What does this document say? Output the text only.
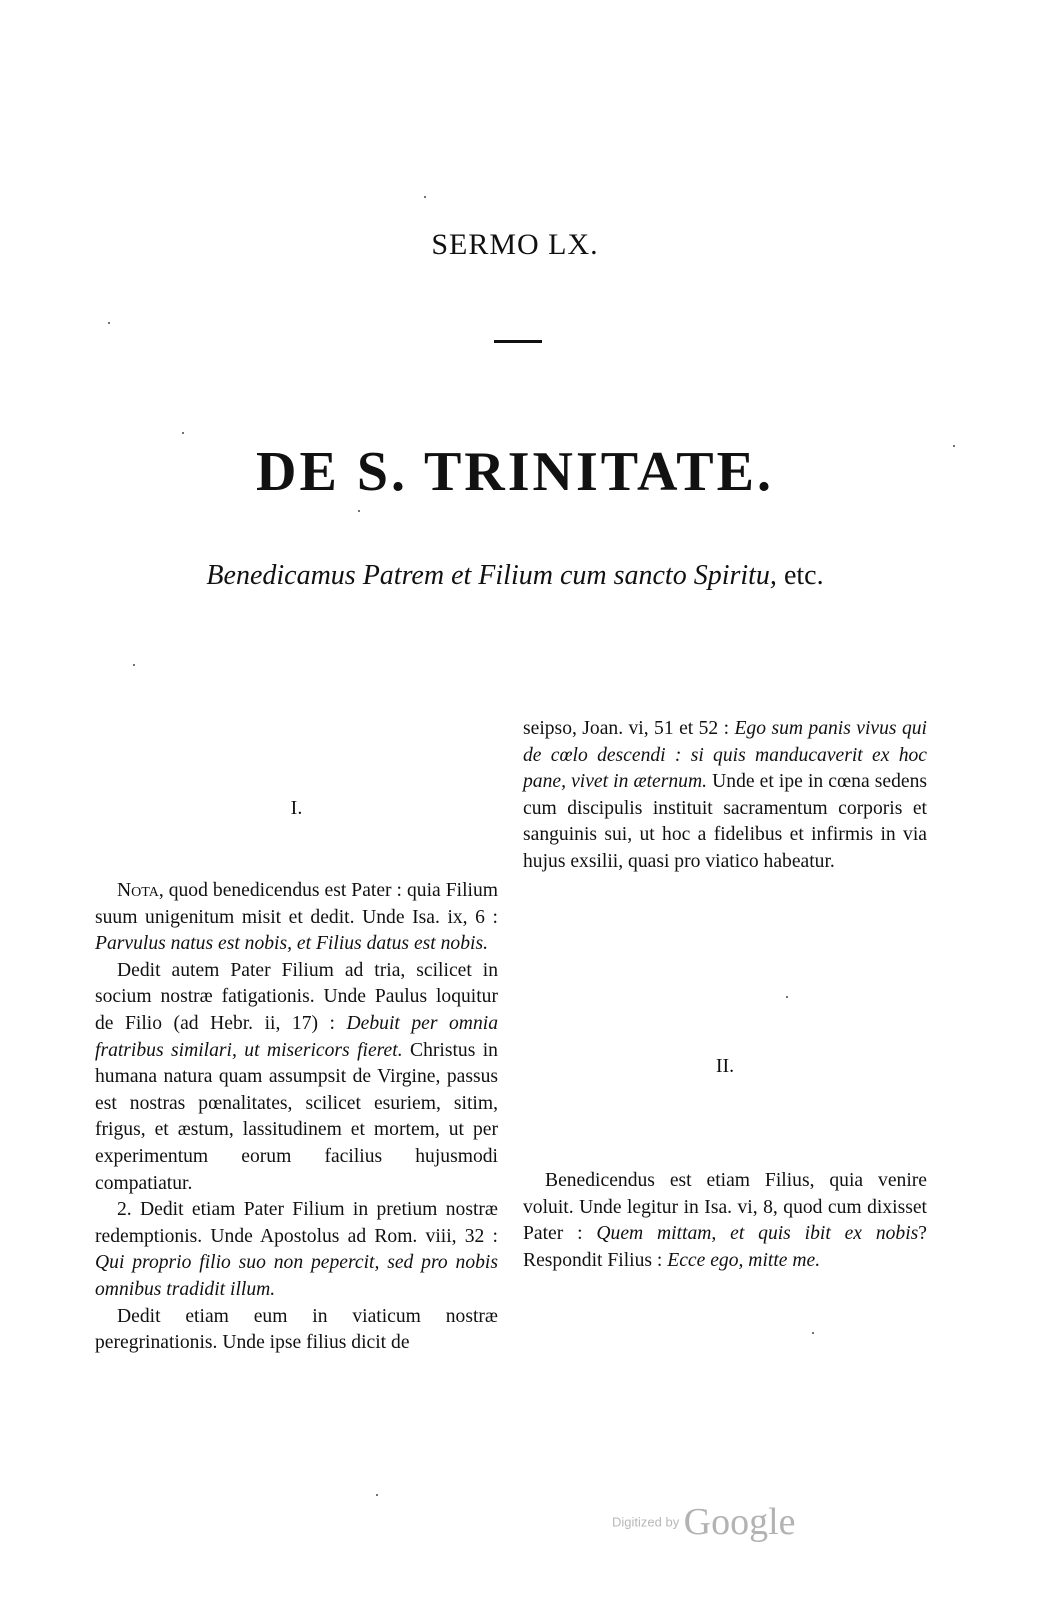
SERMO LX.
DE S. TRINITATE.
Benedicamus Patrem et Filium cum sancto Spiritu, etc.
I.

Nota, quod benedicendus est Pater : quia Filium suum unigenitum misit et dedit. Unde Isa. ix, 6 : Parvulus natus est nobis, et Filius datus est nobis.

Dedit autem Pater Filium ad tria, scilicet in socium nostræ fatigationis. Unde Paulus loquitur de Filio (ad Hebr. ii, 17) : Debuit per omnia fratribus similari, ut misericors fieret. Christus in humana natura quam assumpsit de Virgine, passus est nostras pœnalitates, scilicet esuriem, sitim, frigus, et æstum, lassitudinem et mortem, ut per experimentum eorum facilius hujusmodi compatiatur.

2. Dedit etiam Pater Filium in pretium nostræ redemptionis. Unde Apostolus ad Rom. viii, 32 : Qui proprio filio suo non pepercit, sed pro nobis omnibus tradidit illum.

Dedit etiam eum in viaticum nostræ peregrinationis. Unde ipse filius dicit de

seipso, Joan. vi, 51 et 52 : Ego sum panis vivus qui de cœlo descendi : si quis manducaverit ex hoc pane, vivet in æternum. Unde et ipe in cœna sedens cum discipulis instituit sacramentum corporis et sanguinis sui, ut hoc a fidelibus et infirmis in via hujus exsilii, quasi pro viatico habeatur.

II.

Benedicendus est etiam Filius, quia venire voluit. Unde legitur in Isa. vi, 8, quod cum dixisset Pater : Quem mittam, et quis ibit ex nobis? Respondit Filius : Ecce ego, mitte me.

Digitized by Google
